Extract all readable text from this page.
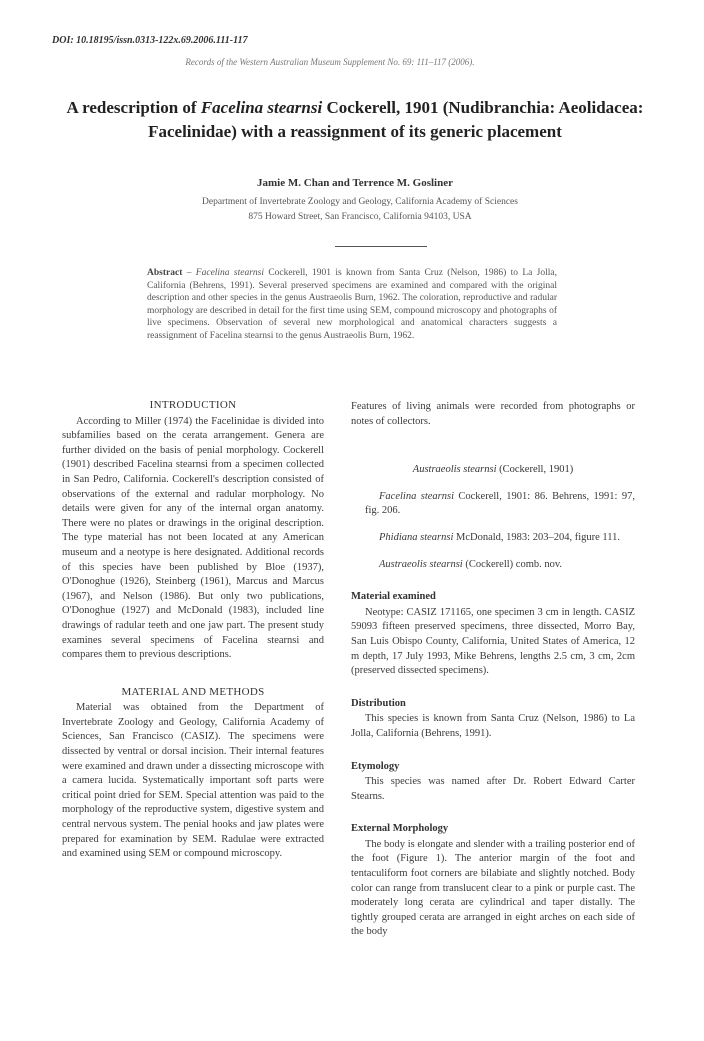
DOI: 10.18195/issn.0313-122x.69.2006.111-117
Records of the Western Australian Museum Supplement No. 69: 111–117 (2006).
A redescription of Facelina stearnsi Cockerell, 1901 (Nudibranchia: Aeolidacea: Facelinidae) with a reassignment of its generic placement
Jamie M. Chan and Terrence M. Gosliner
Department of Invertebrate Zoology and Geology, California Academy of Sciences
875 Howard Street, San Francisco, California 94103, USA
Abstract – Facelina stearnsi Cockerell, 1901 is known from Santa Cruz (Nelson, 1986) to La Jolla, California (Behrens, 1991). Several preserved specimens are examined and compared with the original description and other species in the genus Austraeolis Burn, 1962. The coloration, reproductive and radular morphology are described in detail for the first time using SEM, compound microscopy and photographs of live specimens. Observation of several new morphological and anatomical characters suggests a reassignment of Facelina stearnsi to the genus Austraeolis Burn, 1962.
INTRODUCTION

According to Miller (1974) the Facelinidae is divided into subfamilies based on the cerata arrangement. Genera are further divided on the basis of penial morphology. Cockerell (1901) described Facelina stearnsi from a specimen collected in San Pedro, California. Cockerell's description consisted of observations of the external and radular morphology. No details were given for any of the internal organ anatomy. There were no plates or drawings in the original description. The type material has not been located at any American museum and a neotype is here designated. Additional records of this species have been published by Bloe (1937), O'Donoghue (1926), Steinberg (1961), Marcus and Marcus (1967), and Nelson (1986). But only two publications, O'Donoghue (1927) and McDonald (1983), included line drawings of radular teeth and one jaw part. The present study examines several specimens of Facelina stearnsi and compares them to previous descriptions.

MATERIAL AND METHODS

Material was obtained from the Department of Invertebrate Zoology and Geology, California Academy of Sciences, San Francisco (CASIZ). The specimens were dissected by ventral or dorsal incision. Their internal features were examined and drawn under a dissecting microscope with a camera lucida. Systematically important soft parts were critical point dried for SEM. Special attention was paid to the morphology of the reproductive system, digestive system and central nervous system. The penial hooks and jaw plates were prepared for examination by SEM. Radulae were extracted and examined using SEM or compound microscopy.

Features of living animals were recorded from photographs or notes of collectors.

Austraeolis stearnsi (Cockerell, 1901)

Facelina stearnsi Cockerell, 1901: 86. Behrens, 1991: 97, fig. 206.

Phidiana stearnsi McDonald, 1983: 203–204, figure 111.

Austraeolis stearnsi (Cockerell) comb. nov.

Material examined

Neotype: CASIZ 171165, one specimen 3 cm in length. CASIZ 59093 fifteen preserved specimens, three dissected, Morro Bay, San Luis Obispo County, California, United States of America, 12 m depth, 17 July 1993, Mike Behrens, lengths 2.5 cm, 3 cm, 2cm (preserved dissected specimens).

Distribution

This species is known from Santa Cruz (Nelson, 1986) to La Jolla, California (Behrens, 1991).

Etymology

This species was named after Dr. Robert Edward Carter Stearns.

External Morphology

The body is elongate and slender with a trailing posterior end of the foot (Figure 1). The anterior margin of the foot and tentaculiform foot corners are bilabiate and slightly notched. Body color can range from translucent clear to a pink or purple cast. The moderately long cerata are cylindrical and taper distally. The tightly grouped cerata are arranged in eight arches on each side of the body
